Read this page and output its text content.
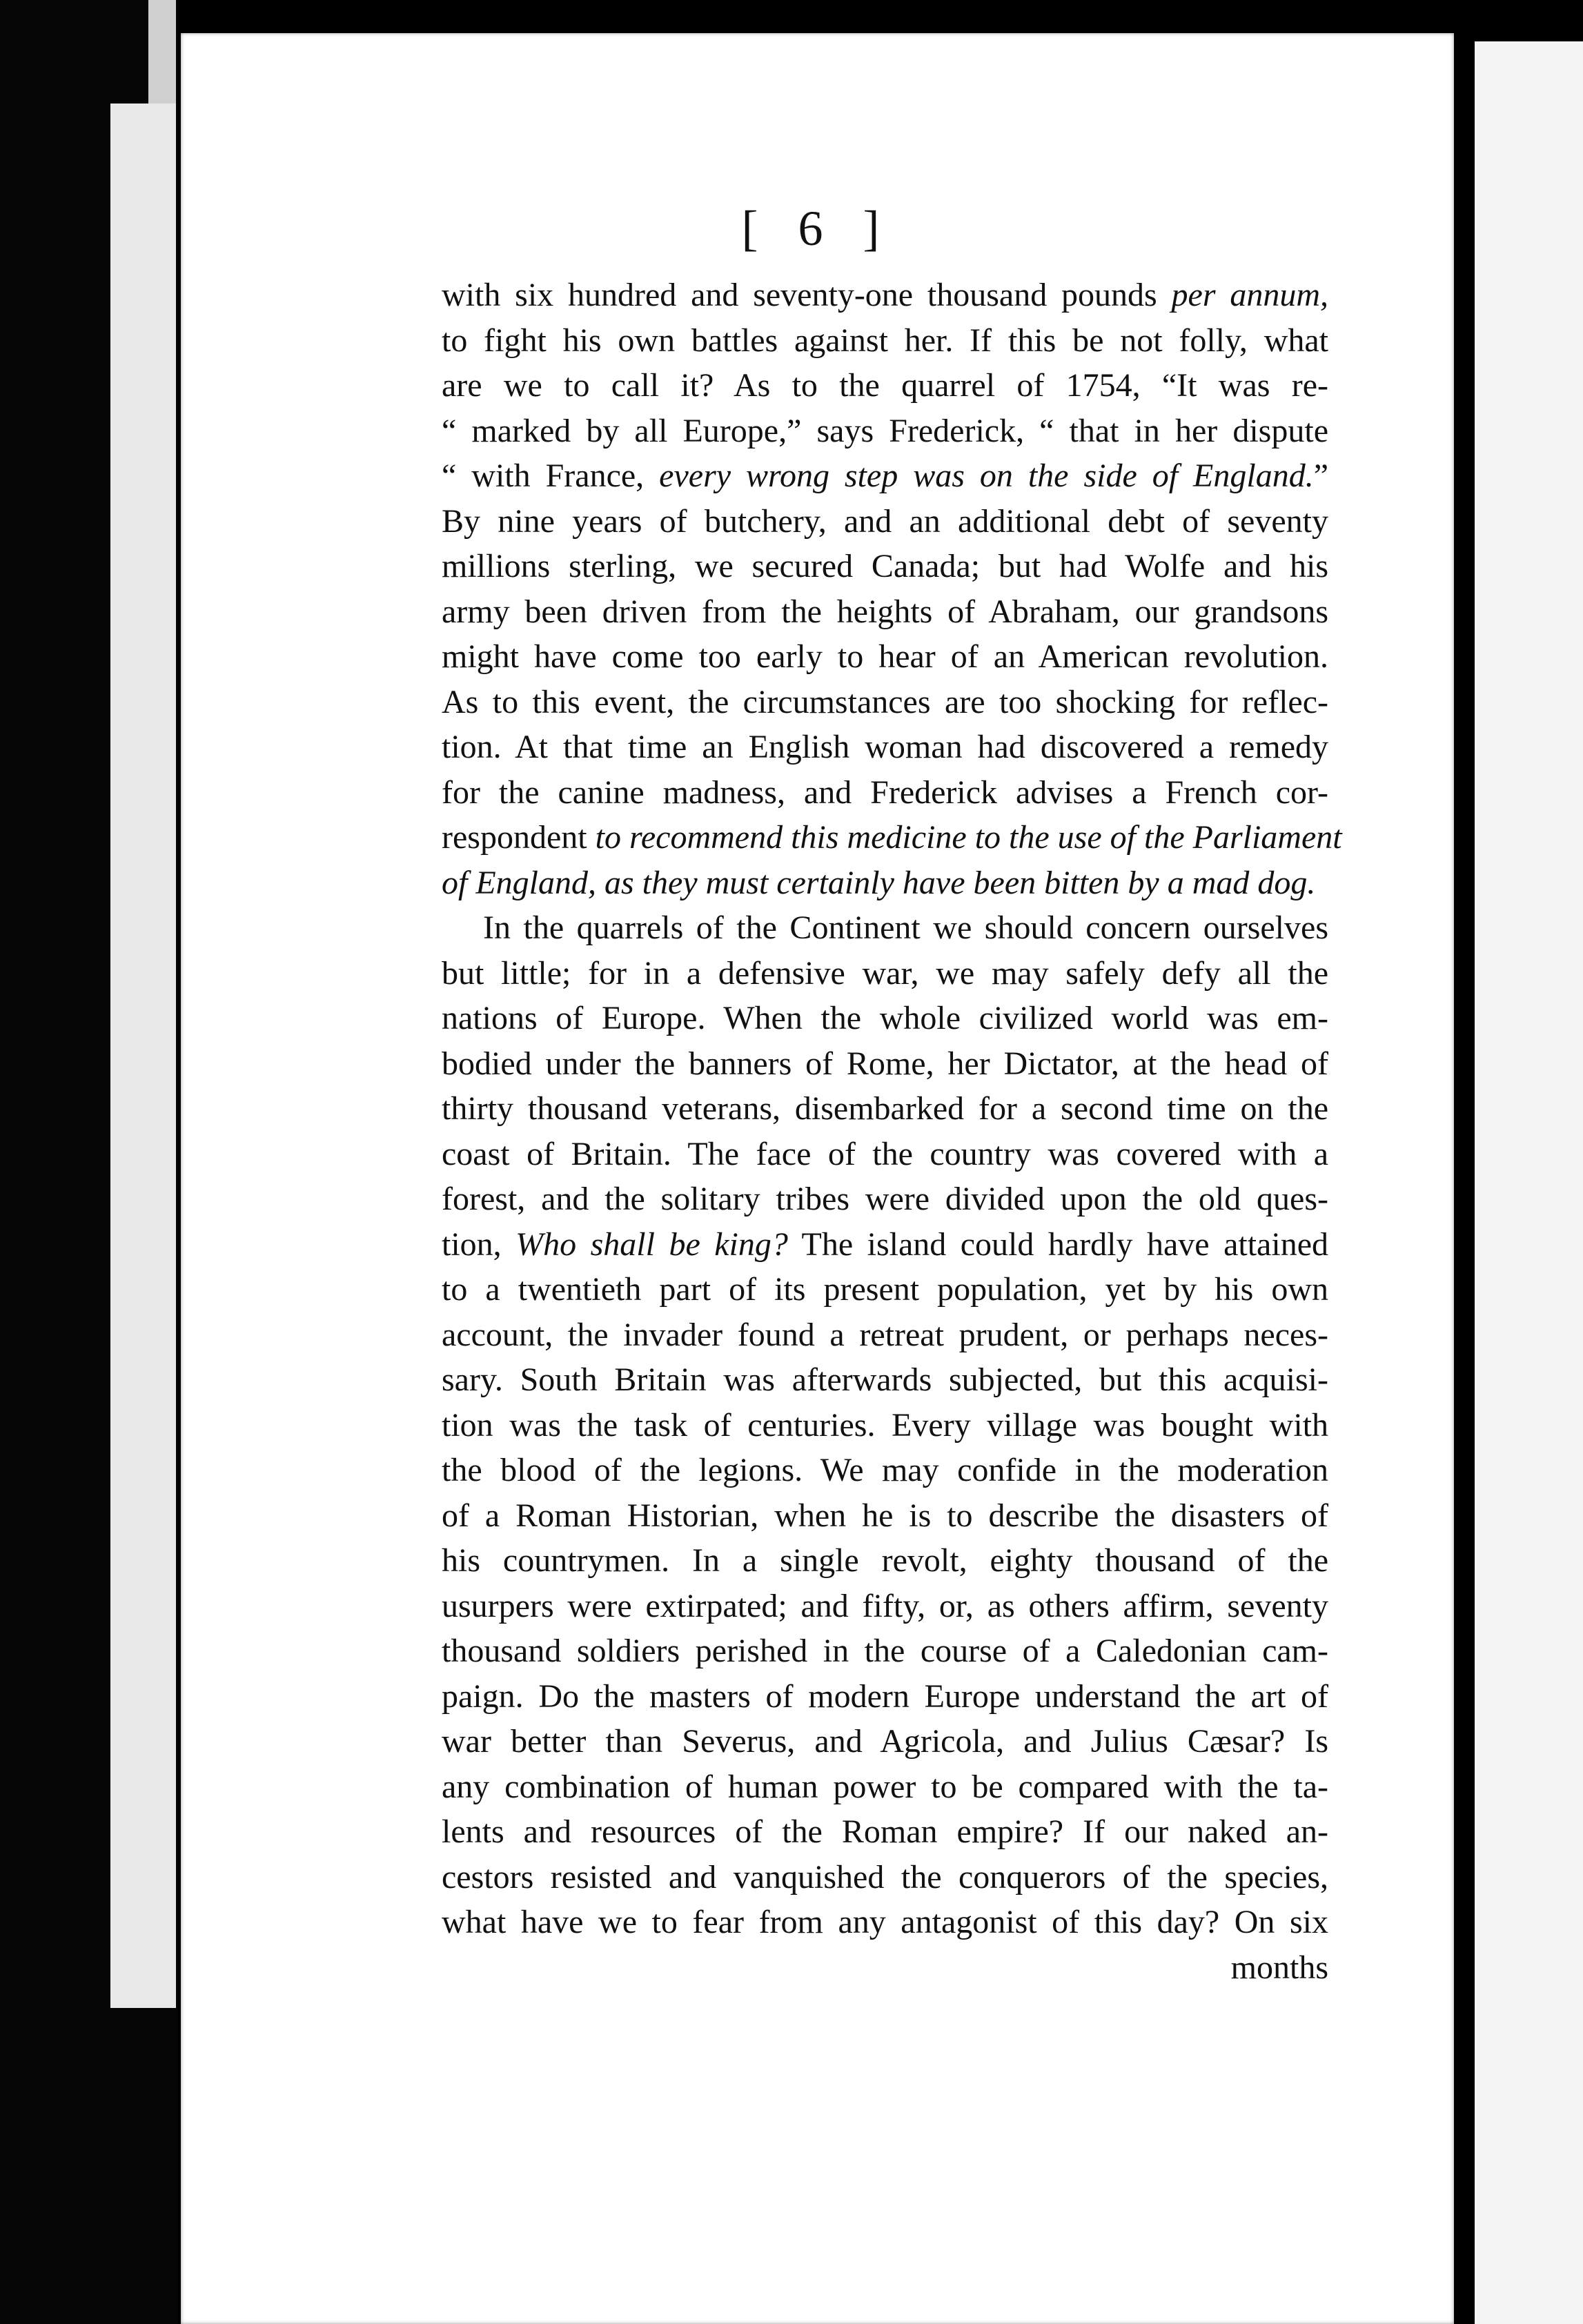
[ 6 ]
with six hundred and seventy-one thousand pounds per annum,
to fight his own battles against her. If this be not folly, what
are we to call it? As to the quarrel of 1754, “It was re-
“ marked by all Europe,” says Frederick, “ that in her dispute
“ with France, every wrong step was on the side of England.”
By nine years of butchery, and an additional debt of seventy
millions sterling, we secured Canada; but had Wolfe and his
army been driven from the heights of Abraham, our grandsons
might have come too early to hear of an American revolution.
As to this event, the circumstances are too shocking for reflec-
tion. At that time an English woman had discovered a remedy
for the canine madness, and Frederick advises a French cor-
respondent to recommend this medicine to the use of the Parliament
of England, as they must certainly have been bitten by a mad dog.
In the quarrels of the Continent we should concern ourselves
but little; for in a defensive war, we may safely defy all the
nations of Europe. When the whole civilized world was em-
bodied under the banners of Rome, her Dictator, at the head of
thirty thousand veterans, disembarked for a second time on the
coast of Britain. The face of the country was covered with a
forest, and the solitary tribes were divided upon the old ques-
tion, Who shall be king? The island could hardly have attained
to a twentieth part of its present population, yet by his own
account, the invader found a retreat prudent, or perhaps neces-
sary. South Britain was afterwards subjected, but this acquisi-
tion was the task of centuries. Every village was bought with
the blood of the legions. We may confide in the moderation
of a Roman Historian, when he is to describe the disasters of
his countrymen. In a single revolt, eighty thousand of the
usurpers were extirpated; and fifty, or, as others affirm, seventy
thousand soldiers perished in the course of a Caledonian cam-
paign. Do the masters of modern Europe understand the art of
war better than Severus, and Agricola, and Julius Cæsar? Is
any combination of human power to be compared with the ta-
lents and resources of the Roman empire? If our naked an-
cestors resisted and vanquished the conquerors of the species,
what have we to fear from any antagonist of this day? On six
months
